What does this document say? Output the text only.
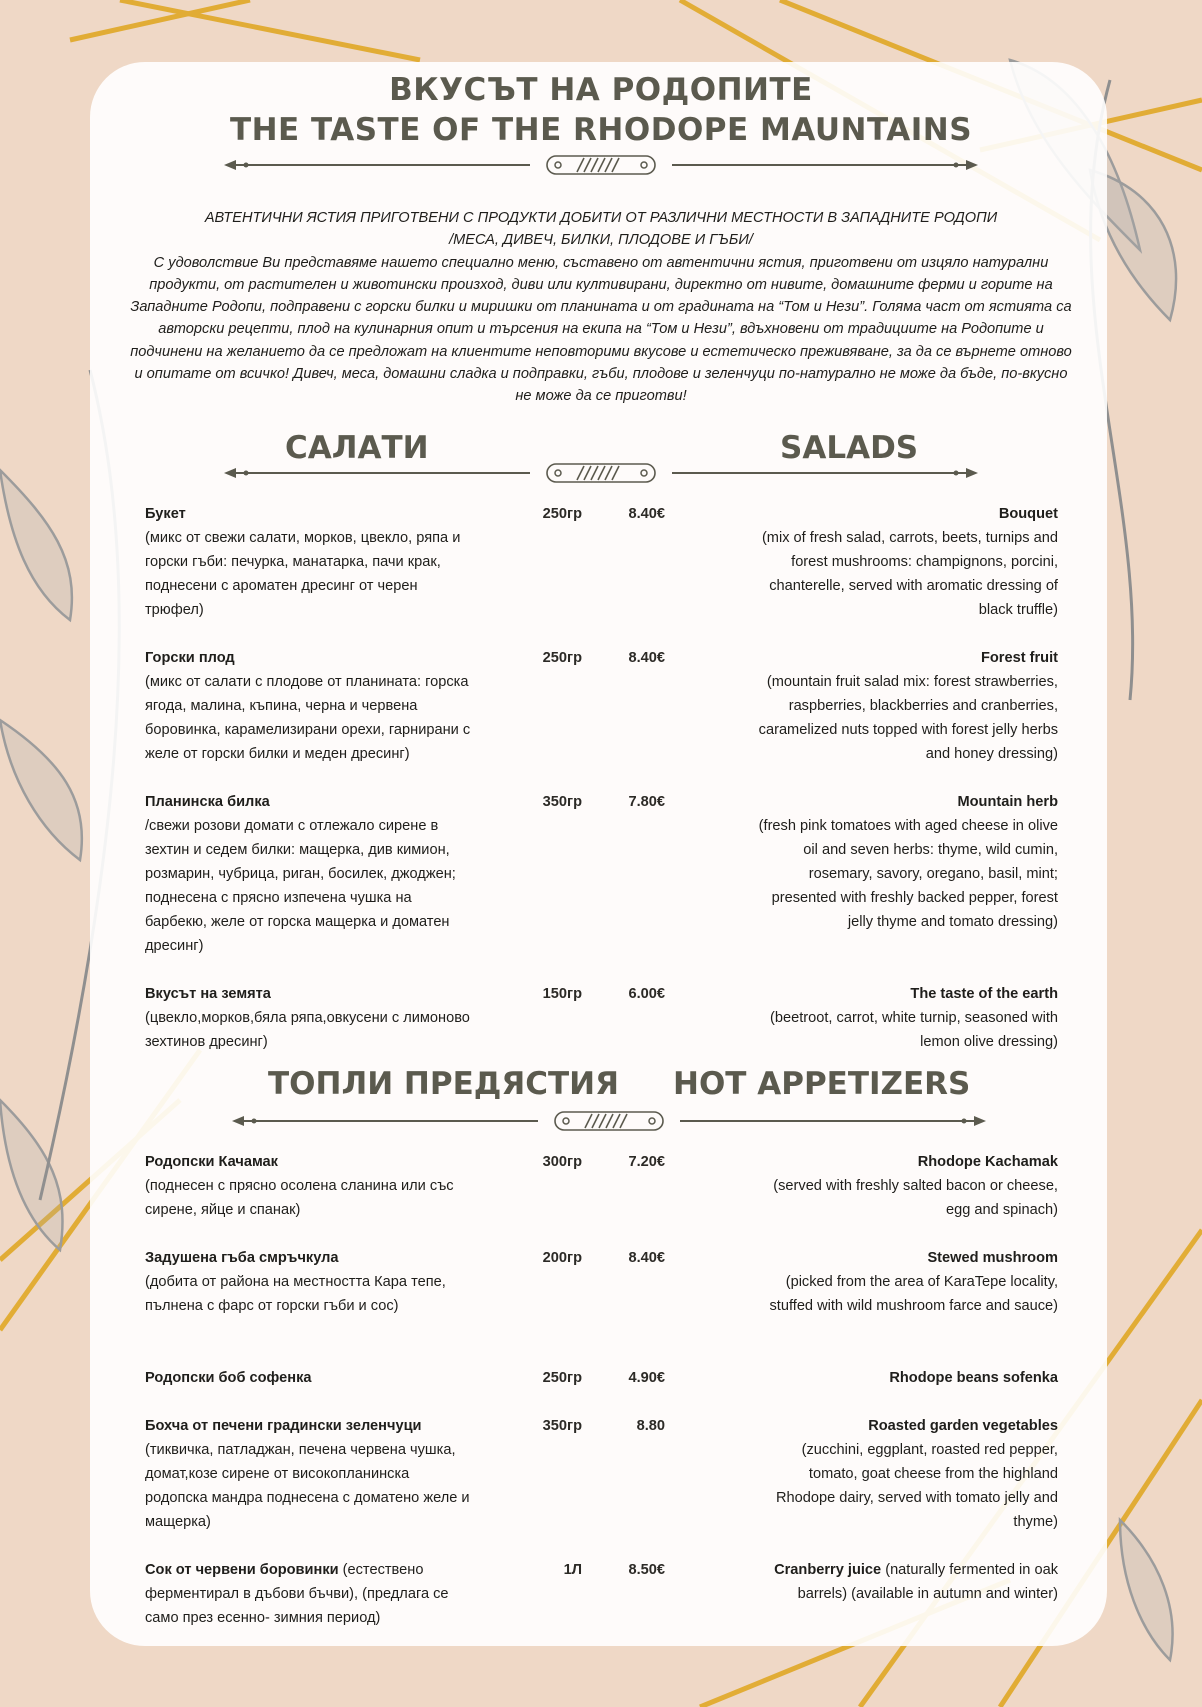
ВКУСЪТ НА РОДОПИТЕ
THE TASTE OF THE RHODOPE MAUNTAINS

АВТЕНТИЧНИ ЯСТИЯ ПРИГОТВЕНИ С ПРОДУКТИ ДОБИТИ ОТ РАЗЛИЧНИ МЕСТНОСТИ В ЗАПАДНИТЕ РОДОПИ

/МЕСА, ДИВЕЧ, БИЛКИ, ПЛОДОВЕ И ГЪБИ/

С удоволствие Ви представяме нашето специално меню, съставено от автентични ястия, приготвени от изцяло натурални продукти, от растителен и животински произход, диви или култивирани, директно от нивите, домашните ферми и горите на Западните Родопи, подправени с горски билки и миришки от планината и от градината на “Том и Нези”. Голяма част от ястията са авторски рецепти, плод на кулинарния опит и търсения на екипа на “Том и Нези”, вдъхновени от традициите на Родопите и подчинени на желанието да се предложат на клиентите неповторими вкусове и естетическо преживяване, за да се върнете отново и опитате от всичко! Дивеч, меса, домашни сладка и подправки, гъби, плодове и зеленчуци по-натурално не може да бъде, по-вкусно не може да се приготви!

САЛАТИ	SALADS
Букет
(микс от свежи салати, морков, цвекло, ряпа и горски гъби: печурка, манатарка, пачи крак, поднесени с ароматен дресинг от черен трюфел)
250гр	8.40€	Bouquet
(mix of fresh salad, carrots, beets, turnips and forest mushrooms: champignons, porcini, chanterelle, served with aromatic dressing of black truffle)
Горски плод
(микс от салати с плодове от планината: горска ягода, малина, къпина, черна и червена боровинка, карамелизирани орехи, гарнирани с желе от горски билки и меден дресинг)
250гр	8.40€	Forest fruit
(mountain fruit salad mix: forest strawberries, raspberries, blackberries and cranberries, caramelized nuts topped with forest jelly herbs and honey dressing)
Планинска билка
/свежи розови домати с отлежало сирене в зехтин и седем билки: мащерка, див кимион, розмарин, чубрица, риган, босилек, джоджен; поднесена с прясно изпечена чушка на барбекю, желе от горска мащерка и доматен дресинг)
350гр	7.80€	Mountain herb
(fresh pink tomatoes with aged cheese in olive oil and seven herbs: thyme, wild cumin, rosemary, savory, oregano, basil, mint; presented with freshly backed pepper, forest jelly thyme and tomato dressing)
Вкусът на земята
(цвекло,морков,бяла ряпа,овкусени с лимоново зехтинов дресинг)
150гр	6.00€	The taste of the earth
(beetroot, carrot, white turnip, seasoned with lemon olive dressing)
ТОПЛИ ПРЕДЯСТИЯ HOT APPETIZERS
Родопски Качамак
(поднесен с прясно осолена сланина или със сирене, яйце и спанак)
300гр	7.20€	Rhodope Kachamak
(served with freshly salted bacon or cheese, egg and spinach)
Задушена гъба смръчкула
(добита от района на местността Кара тепе, пълнена с фарс от горски гъби и сос)
200гр	8.40€	Stewed mushroom
(picked from the area of KaraTepe locality, stuffed with wild mushroom farce and sauce)
Родопски боб софенка	250гр	4.90€	Rhodope beans sofenka
Бохча от печени градински зеленчуци
(тиквичка, патладжан, печена червена чушка, домат,козе сирене от високопланинска родопска мандра поднесена с доматено желе и мащерка)
350гр	8.80	Roasted garden vegetables
(zucchini, eggplant, roasted red pepper, tomato, goat cheese from the highland Rhodope dairy, served with tomato jelly and thyme)
Сок от червени боровинки (естествено ферментирал в дъбови бъчви), (предлага се само през есенно- зимния период)
1Л	8.50€	Cranberry juice (naturally fermented in oak barrels) (available in autumn and winter)
